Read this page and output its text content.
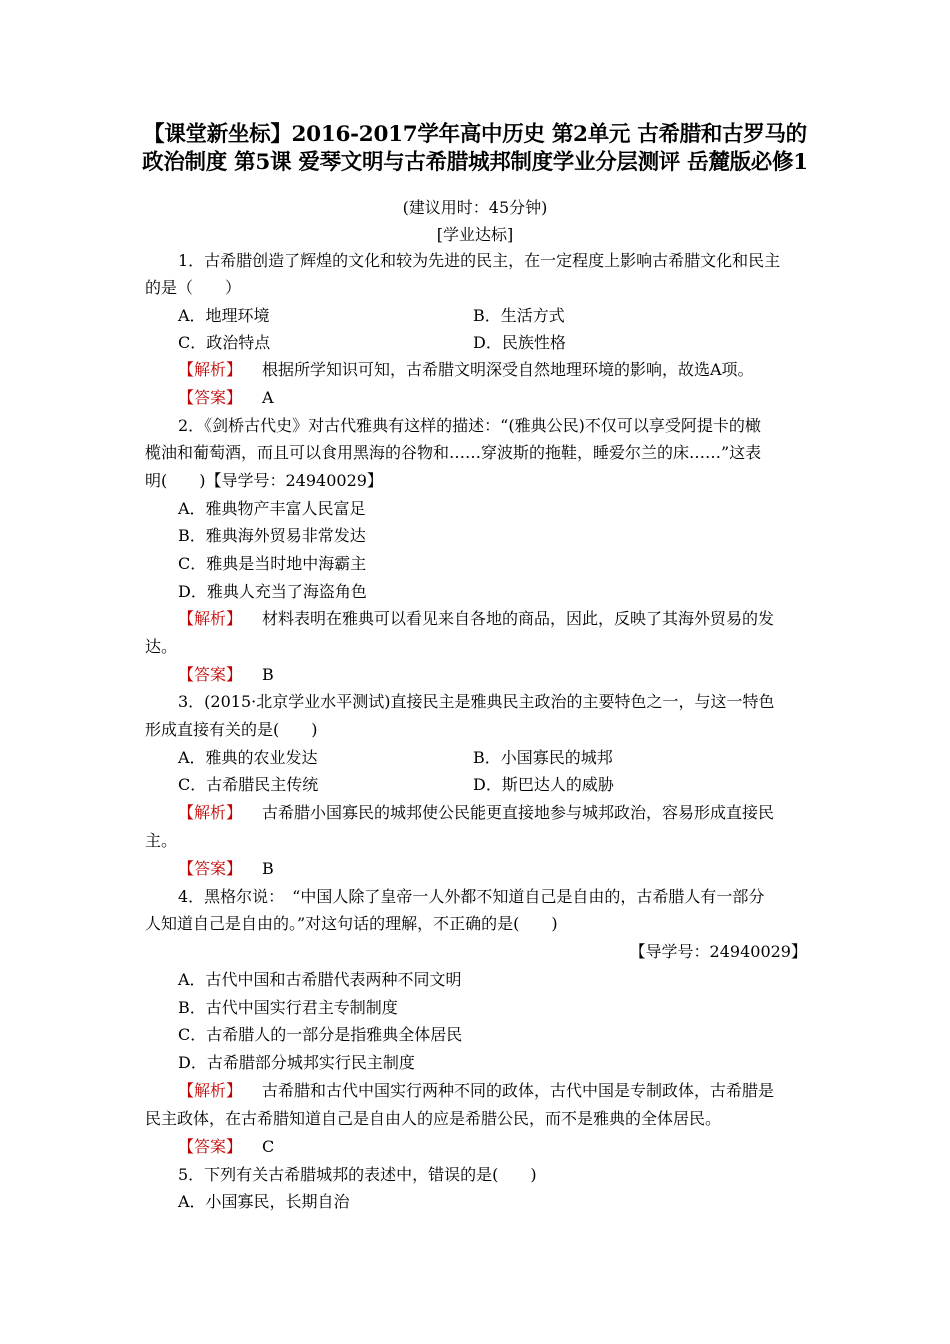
【课堂新坐标】2016-2017学年高中历史 第2单元 古希腊和古罗马的政治制度 第5课 爱琴文明与古希腊城邦制度学业分层测评 岳麓版必修1
(建议用时：45分钟)
[学业达标]
1．古希腊创造了辉煌的文化和较为先进的民主，在一定程度上影响古希腊文化和民主
的是（　　）
A．地理环境	B．生活方式
C．政治特点	D．民族性格
【解析】 根据所学知识可知，古希腊文明深受自然地理环境的影响，故选A项。
【答案】 A
2．《剑桥古代史》对古代雅典有这样的描述：“(雅典公民)不仅可以享受阿提卡的橄
榄油和葡萄酒，而且可以食用黑海的谷物和……穿波斯的拖鞋，睡爱尔兰的床……”这表
明(　　)【导学号：24940029】
A．雅典物产丰富人民富足
B．雅典海外贸易非常发达
C．雅典是当时地中海霸主
D．雅典人充当了海盗角色
【解析】 材料表明在雅典可以看见来自各地的商品，因此，反映了其海外贸易的发
达。
【答案】 B
3．(2015·北京学业水平测试)直接民主是雅典民主政治的主要特色之一，与这一特色
形成直接有关的是(　　)
A．雅典的农业发达	B．小国寡民的城邦
C．古希腊民主传统	D．斯巴达人的威胁
【解析】 古希腊小国寡民的城邦使公民能更直接地参与城邦政治，容易形成直接民
主。
【答案】 B
4．黑格尔说：　“中国人除了皇帝一人外都不知道自己是自由的，古希腊人有一部分
人知道自己是自由的。”对这句话的理解，不正确的是(　　)
【导学号：24940029】
A．古代中国和古希腊代表两种不同文明
B．古代中国实行君主专制制度
C．古希腊人的一部分是指雅典全体居民
D．古希腊部分城邦实行民主制度
【解析】 古希腊和古代中国实行两种不同的政体，古代中国是专制政体，古希腊是
民主政体，在古希腊知道自己是自由人的应是希腊公民，而不是雅典的全体居民。
【答案】 C
5．下列有关古希腊城邦的表述中，错误的是(　　)
A．小国寡民，长期自治
